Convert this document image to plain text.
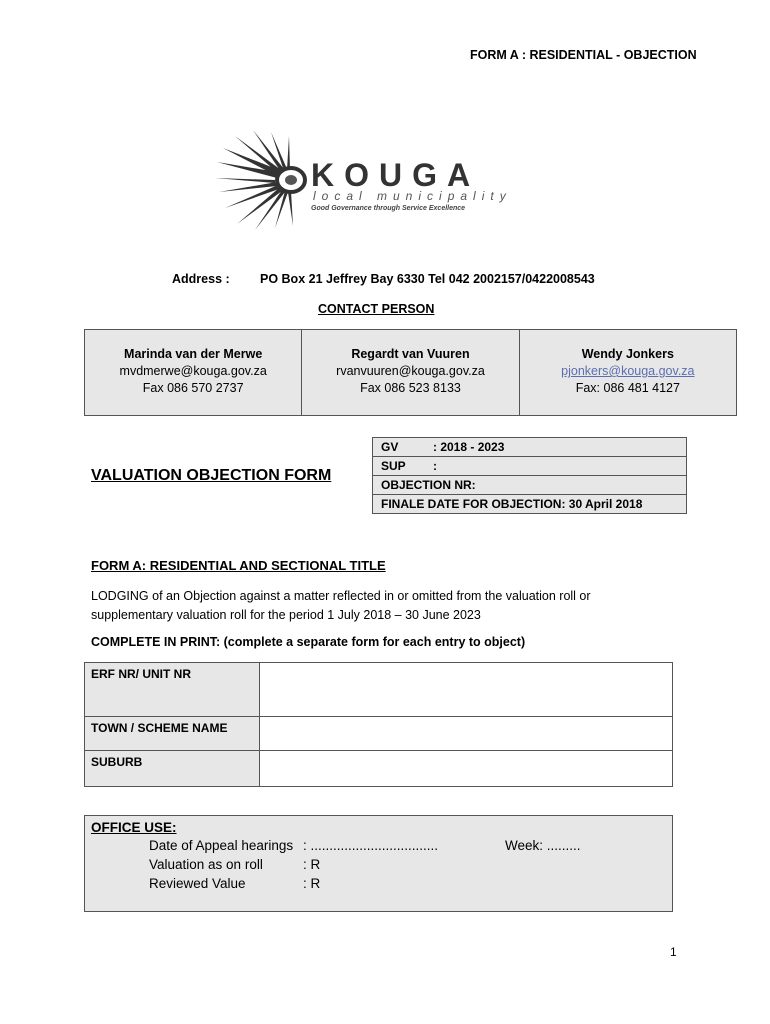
FORM A : RESIDENTIAL - OBJECTION
KOUGA
local municipality
Good Governance through Service Excellence
Address : PO Box 21 Jeffrey Bay 6330 Tel 042 2002157/0422008543
CONTACT PERSON
Marinda van der Merwe
mvdmerwe@kouga.gov.za
Fax 086 570 2737

Regardt van Vuuren
rvanvuuren@kouga.gov.za
Fax 086 523 8133

Wendy Jonkers
pjonkers@kouga.gov.za
Fax: 086 481 4127
VALUATION OBJECTION FORM
GV	: 2018 - 2023
SUP :
OBJECTION NR:
FINALE DATE FOR OBJECTION: 30 April 2018
FORM A: RESIDENTIAL AND SECTIONAL TITLE
LODGING of an Objection against a matter reflected in or omitted from the valuation roll or supplementary valuation roll for the period 1 July 2018 – 30 June 2023
COMPLETE IN PRINT: (complete a separate form for each entry to object)
ERF NR/ UNIT NR	
TOWN / SCHEME NAME	
SUBURB	
OFFICE USE:
Date of Appeal hearings : ..................................	Week: .........
Valuation as on roll	: R
Reviewed Value	: R
1
